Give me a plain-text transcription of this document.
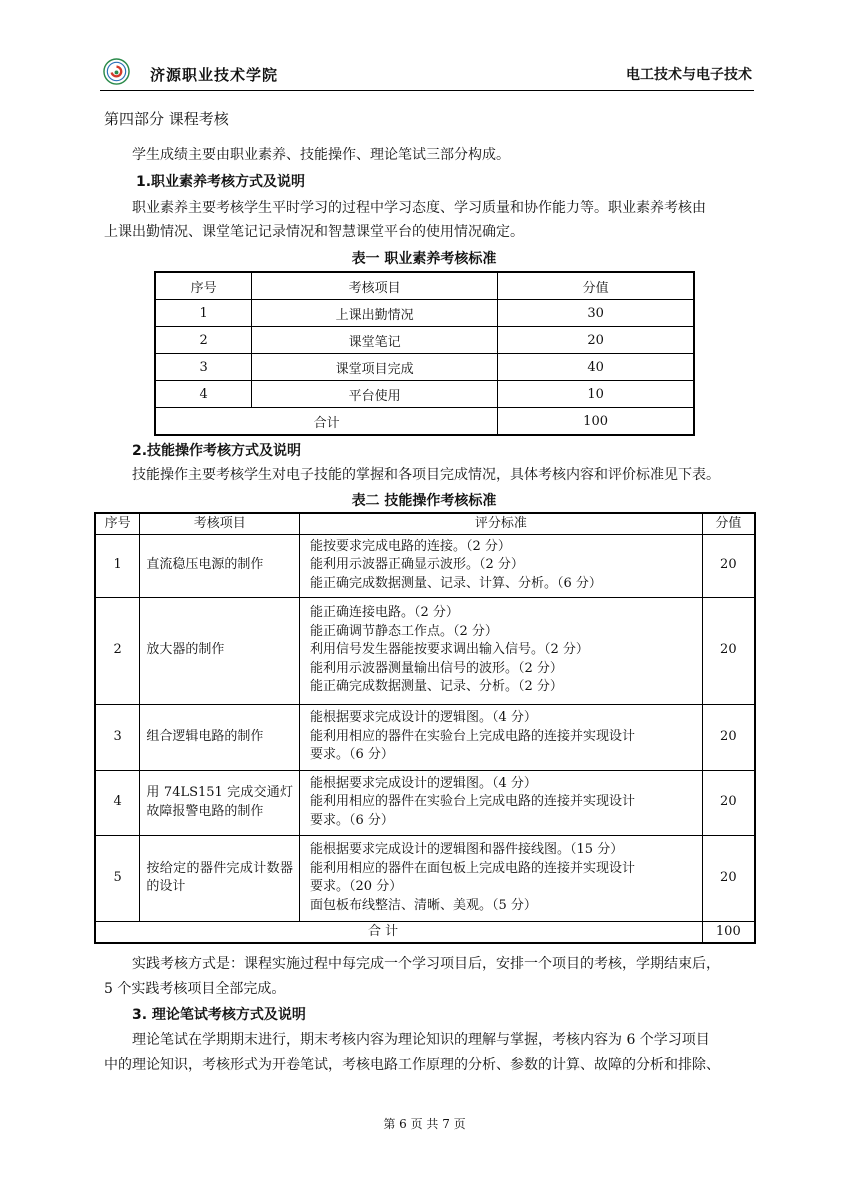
济源职业技术学院	电工技术与电子技术
第四部分 课程考核
学生成绩主要由职业素养、技能操作、理论笔试三部分构成。
1.职业素养考核方式及说明
职业素养主要考核学生平时学习的过程中学习态度、学习质量和协作能力等。职业素养考核由
上课出勤情况、课堂笔记记录情况和智慧课堂平台的使用情况确定。
表一 职业素养考核标准
序号	考核项目	分值
1	上课出勤情况	30
2	课堂笔记	20
3	课堂项目完成	40
4	平台使用	10
合计		100
2.技能操作考核方式及说明
技能操作主要考核学生对电子技能的掌握和各项目完成情况，具体考核内容和评价标准见下表。
表二 技能操作考核标准
序号	考核项目	评分标准	分值
1	直流稳压电源的制作	能按要求完成电路的连接。（2 分）
能利用示波器正确显示波形。（2 分）
能正确完成数据测量、记录、计算、分析。（6 分）	20
2	放大器的制作	能正确连接电路。（2 分）
能正确调节静态工作点。（2 分）
利用信号发生器能按要求调出输入信号。（2 分）
能利用示波器测量输出信号的波形。（2 分）
能正确完成数据测量、记录、分析。（2 分）	20
3	组合逻辑电路的制作	能根据要求完成设计的逻辑图。（4 分）
能利用相应的器件在实验台上完成电路的连接并实现设计
要求。（6 分）	20
4	用 74LS151 完成交通灯故障报警电路的制作	能根据要求完成设计的逻辑图。（4 分）
能利用相应的器件在实验台上完成电路的连接并实现设计
要求。（6 分）	20
5	按给定的器件完成计数器的设计	能根据要求完成设计的逻辑图和器件接线图。（15 分）
能利用相应的器件在面包板上完成电路的连接并实现设计
要求。（20 分）
面包板布线整洁、清晰、美观。（5 分）	20
合 计			100
实践考核方式是：课程实施过程中每完成一个学习项目后，安排一个项目的考核，学期结束后，
5 个实践考核项目全部完成。
3. 理论笔试考核方式及说明
理论笔试在学期期末进行，期末考核内容为理论知识的理解与掌握，考核内容为 6 个学习项目
中的理论知识，考核形式为开卷笔试，考核电路工作原理的分析、参数的计算、故障的分析和排除、
第 6 页 共 7 页
